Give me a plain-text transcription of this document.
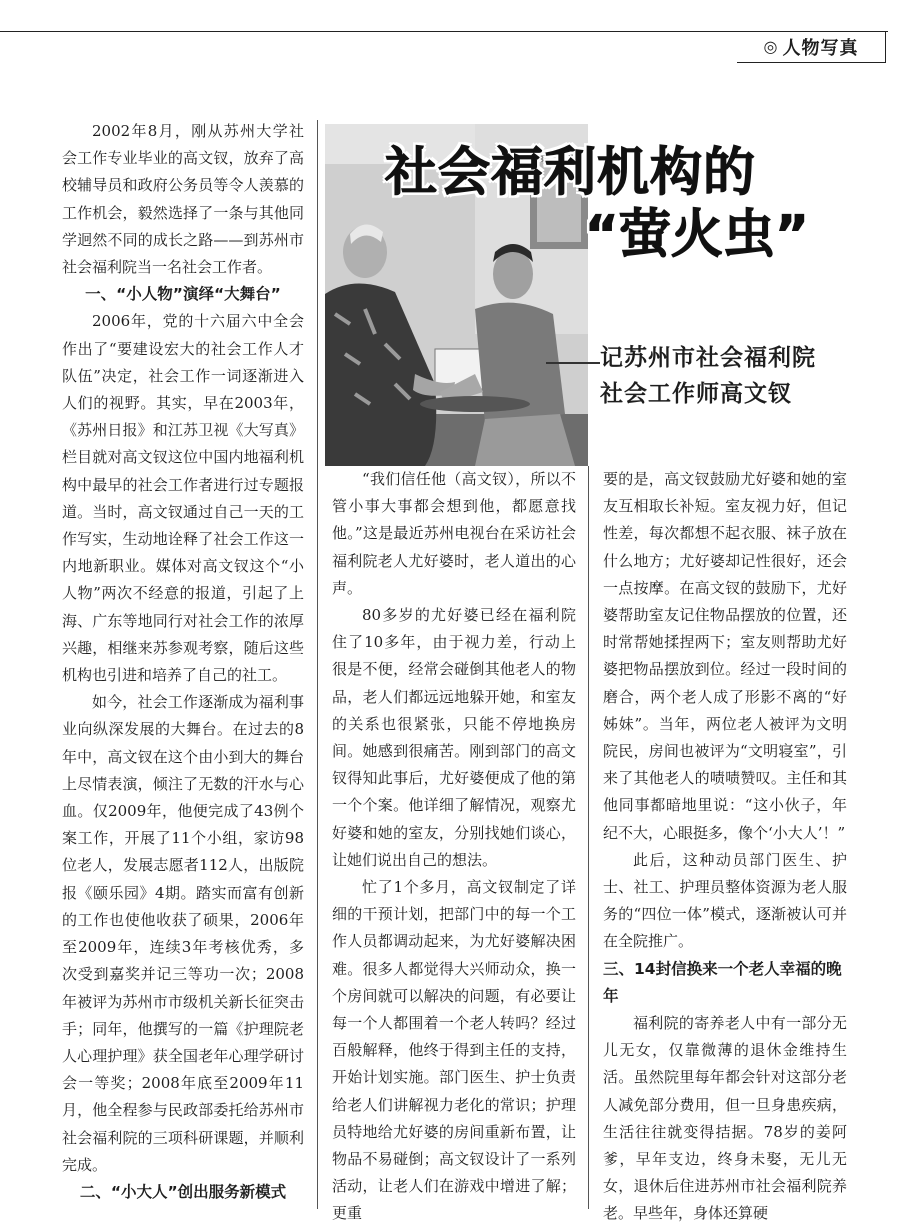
◎ 人物写真
社会福利机构的
“萤火虫”
记苏州市社会福利院
社会工作师高文钗

2002年8月，刚从苏州大学社会工作专业毕业的高文钗，放弃了高校辅导员和政府公务员等令人羡慕的工作机会，毅然选择了一条与其他同学迥然不同的成长之路——到苏州市社会福利院当一名社会工作者。

一、“小人物”演绎“大舞台”

2006年，党的十六届六中全会作出了“要建设宏大的社会工作人才队伍”决定，社会工作一词逐渐进入人们的视野。其实，早在2003年，《苏州日报》和江苏卫视《大写真》栏目就对高文钗这位中国内地福利机构中最早的社会工作者进行过专题报道。当时，高文钗通过自己一天的工作写实，生动地诠释了社会工作这一内地新职业。媒体对高文钗这个“小人物”两次不经意的报道，引起了上海、广东等地同行对社会工作的浓厚兴趣，相继来苏参观考察，随后这些机构也引进和培养了自己的社工。

如今，社会工作逐渐成为福利事业向纵深发展的大舞台。在过去的8年中，高文钗在这个由小到大的舞台上尽情表演，倾注了无数的汗水与心血。仅2009年，他便完成了43例个案工作，开展了11个小组，家访98位老人，发展志愿者112人，出版院报《颐乐园》4期。踏实而富有创新的工作也使他收获了硕果，2006年至2009年，连续3年考核优秀，多次受到嘉奖并记三等功一次；2008年被评为苏州市市级机关新长征突击手；同年，他撰写的一篇《护理院老人心理护理》获全国老年心理学研讨会一等奖；2008年底至2009年11月，他全程参与民政部委托给苏州市社会福利院的三项科研课题，并顺利完成。

二、“小大人”创出服务新模式

“我们信任他（高文钗），所以不管小事大事都会想到他，都愿意找他。”这是最近苏州电视台在采访社会福利院老人尤好婆时，老人道出的心声。

80多岁的尤好婆已经在福利院住了10多年，由于视力差，行动上很是不便，经常会碰倒其他老人的物品，老人们都远远地躲开她，和室友的关系也很紧张，只能不停地换房间。她感到很痛苦。刚到部门的高文钗得知此事后，尤好婆便成了他的第一个个案。他详细了解情况，观察尤好婆和她的室友，分别找她们谈心，让她们说出自己的想法。

忙了1个多月，高文钗制定了详细的干预计划，把部门中的每一个工作人员都调动起来，为尤好婆解决困难。很多人都觉得大兴师动众，换一个房间就可以解决的问题，有必要让每一个人都围着一个老人转吗？经过百般解释，他终于得到主任的支持，开始计划实施。部门医生、护士负责给老人们讲解视力老化的常识；护理员特地给尤好婆的房间重新布置，让物品不易碰倒；高文钗设计了一系列活动，让老人们在游戏中增进了解；更重

要的是，高文钗鼓励尤好婆和她的室友互相取长补短。室友视力好，但记性差，每次都想不起衣服、袜子放在什么地方；尤好婆却记性很好，还会一点按摩。在高文钗的鼓励下，尤好婆帮助室友记住物品摆放的位置，还时常帮她揉捏两下；室友则帮助尤好婆把物品摆放到位。经过一段时间的磨合，两个老人成了形影不离的“好姊妹”。当年，两位老人被评为文明院民，房间也被评为“文明寝室”，引来了其他老人的啧啧赞叹。主任和其他同事都暗地里说：“这小伙子，年纪不大，心眼挺多，像个‘小大人’！”

此后，这种动员部门医生、护士、社工、护理员整体资源为老人服务的“四位一体”模式，逐渐被认可并在全院推广。

三、14封信换来一个老人幸福的晚年

福利院的寄养老人中有一部分无儿无女，仅靠微薄的退休金维持生活。虽然院里每年都会针对这部分老人减免部分费用，但一旦身患疾病，生活往往就变得拮据。78岁的姜阿爹，早年支边，终身未娶，无儿无女，退休后住进苏州市社会福利院养老。早些年，身体还算硬
